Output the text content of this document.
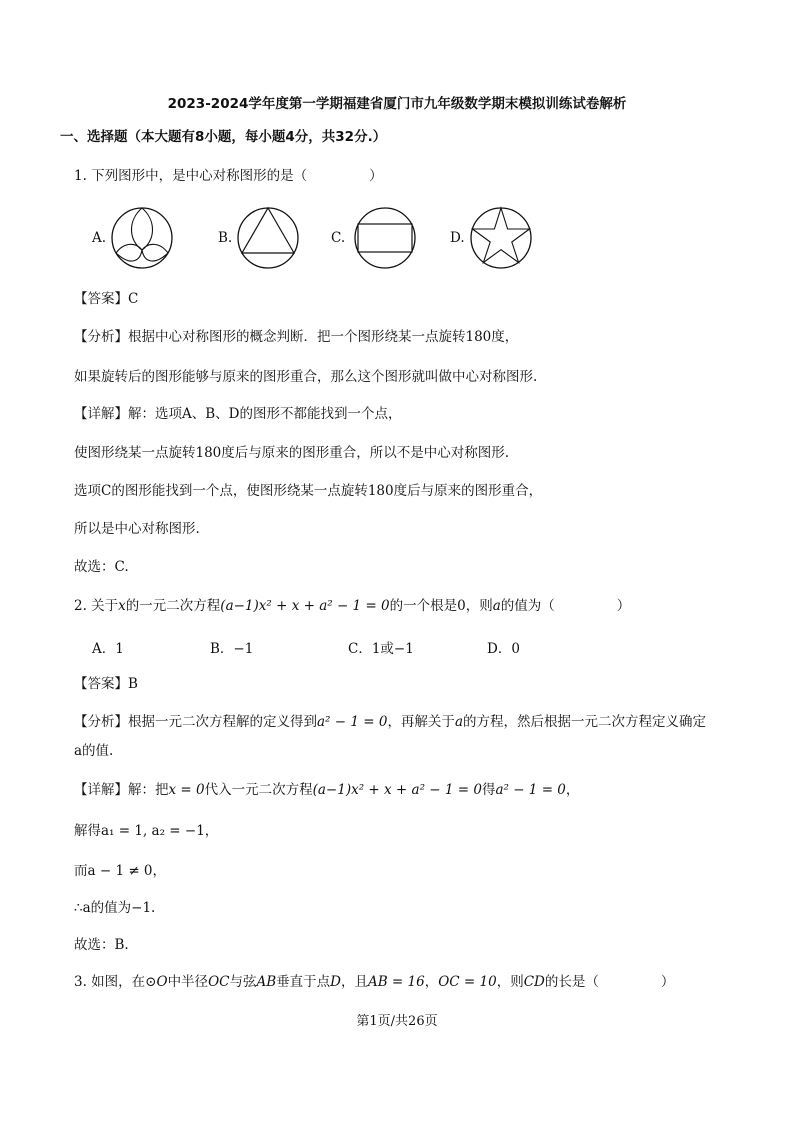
2023-2024学年度第一学期福建省厦门市九年级数学期末模拟训练试卷解析
一、选择题（本大题有8小题，每小题4分，共32分.）
1. 下列图形中，是中心对称图形的是（	）
A.	B.	C.	D.
【答案】C
【分析】根据中心对称图形的概念判断．把一个图形绕某一点旋转180度，
如果旋转后的图形能够与原来的图形重合，那么这个图形就叫做中心对称图形.
【详解】解：选项A、B、D的图形不都能找到一个点，
使图形绕某一点旋转180度后与原来的图形重合，所以不是中心对称图形.
选项C的图形能找到一个点，使图形绕某一点旋转180度后与原来的图形重合，
所以是中心对称图形.
故选：C.
2. 关于x的一元二次方程(a−1)x² + x + a² − 1 = 0的一个根是0，则a的值为（	）
A．1	B．−1	C．1或−1	D．0
【答案】B
【分析】根据一元二次方程解的定义得到a² − 1 = 0，再解关于a的方程，然后根据一元二次方程定义确定
a的值.
【详解】解：把x = 0代入一元二次方程(a−1)x² + x + a² − 1 = 0得a² − 1 = 0，
解得a₁ = 1, a₂ = −1，
而a − 1 ≠ 0，
∴a的值为−1.
故选：B.
3. 如图，在⊙O中半径OC与弦AB垂直于点D，且AB = 16，OC = 10，则CD的长是（	）
第1页/共26页
